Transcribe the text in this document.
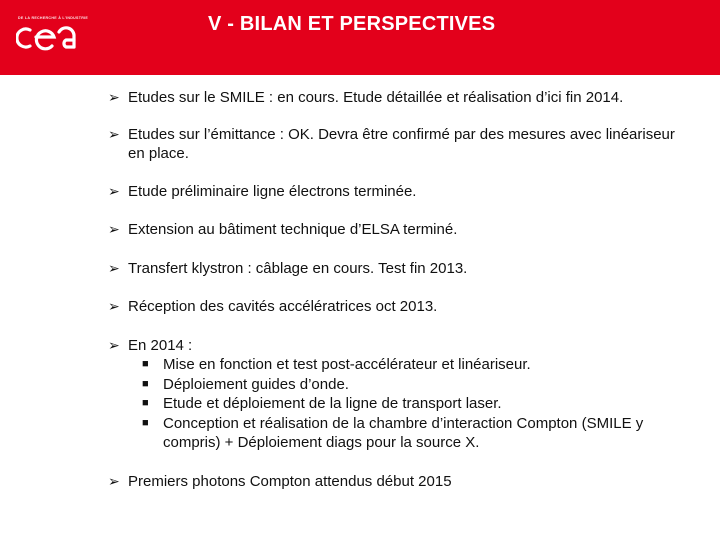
DE LA RECHERCHE À L'INDUSTRIE	V - BILAN ET PERSPECTIVES
➢ Etudes sur le SMILE : en cours. Etude détaillée et réalisation d’ici fin 2014.
➢ Etudes sur l’émittance : OK. Devra être confirmé par des mesures avec linéariseur en place.
➢ Etude préliminaire ligne électrons terminée.
➢ Extension au bâtiment technique d’ELSA terminé.
➢ Transfert klystron : câblage en cours. Test fin 2013.
➢ Réception des cavités accélératrices oct 2013.
➢ En 2014 :
■ Mise en fonction et test post-accélérateur et linéariseur.
■ Déploiement guides d’onde.
■ Etude et déploiement de la ligne de transport laser.
■ Conception et réalisation de la chambre d’interaction Compton (SMILE y compris) + Déploiement diags pour la source X.
➢ Premiers photons Compton attendus début 2015
